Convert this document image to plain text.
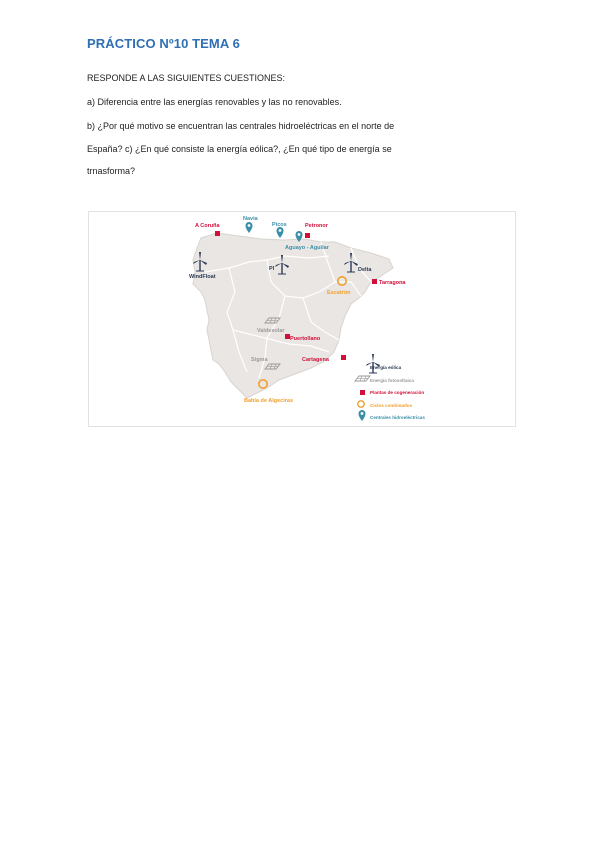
PRÁCTICO Nº10 TEMA 6
RESPONDE A LAS SIGUIENTES CUESTIONES:
a) Diferencia entre las energías renovables y las no renovables.
b) ¿Por qué motivo se encuentran las centrales hidroeléctricas en el norte de
España? c) ¿En qué consiste la energía eólica?, ¿En qué tipo de energía se
trnasforma?
A Coruña
Navia
Picos	Petronor
Aguayo - Aguilar
WindFloat
PI	Delta
Tarragona
Escatrón
Valdesolar
Puertollano
Cartagena
Sigma
Bahía de Algeciras
Energía eólica
Energía fotovoltaica
Plantas de cogeneración
Ciclos combinados
Centrales hidroeléctricas
